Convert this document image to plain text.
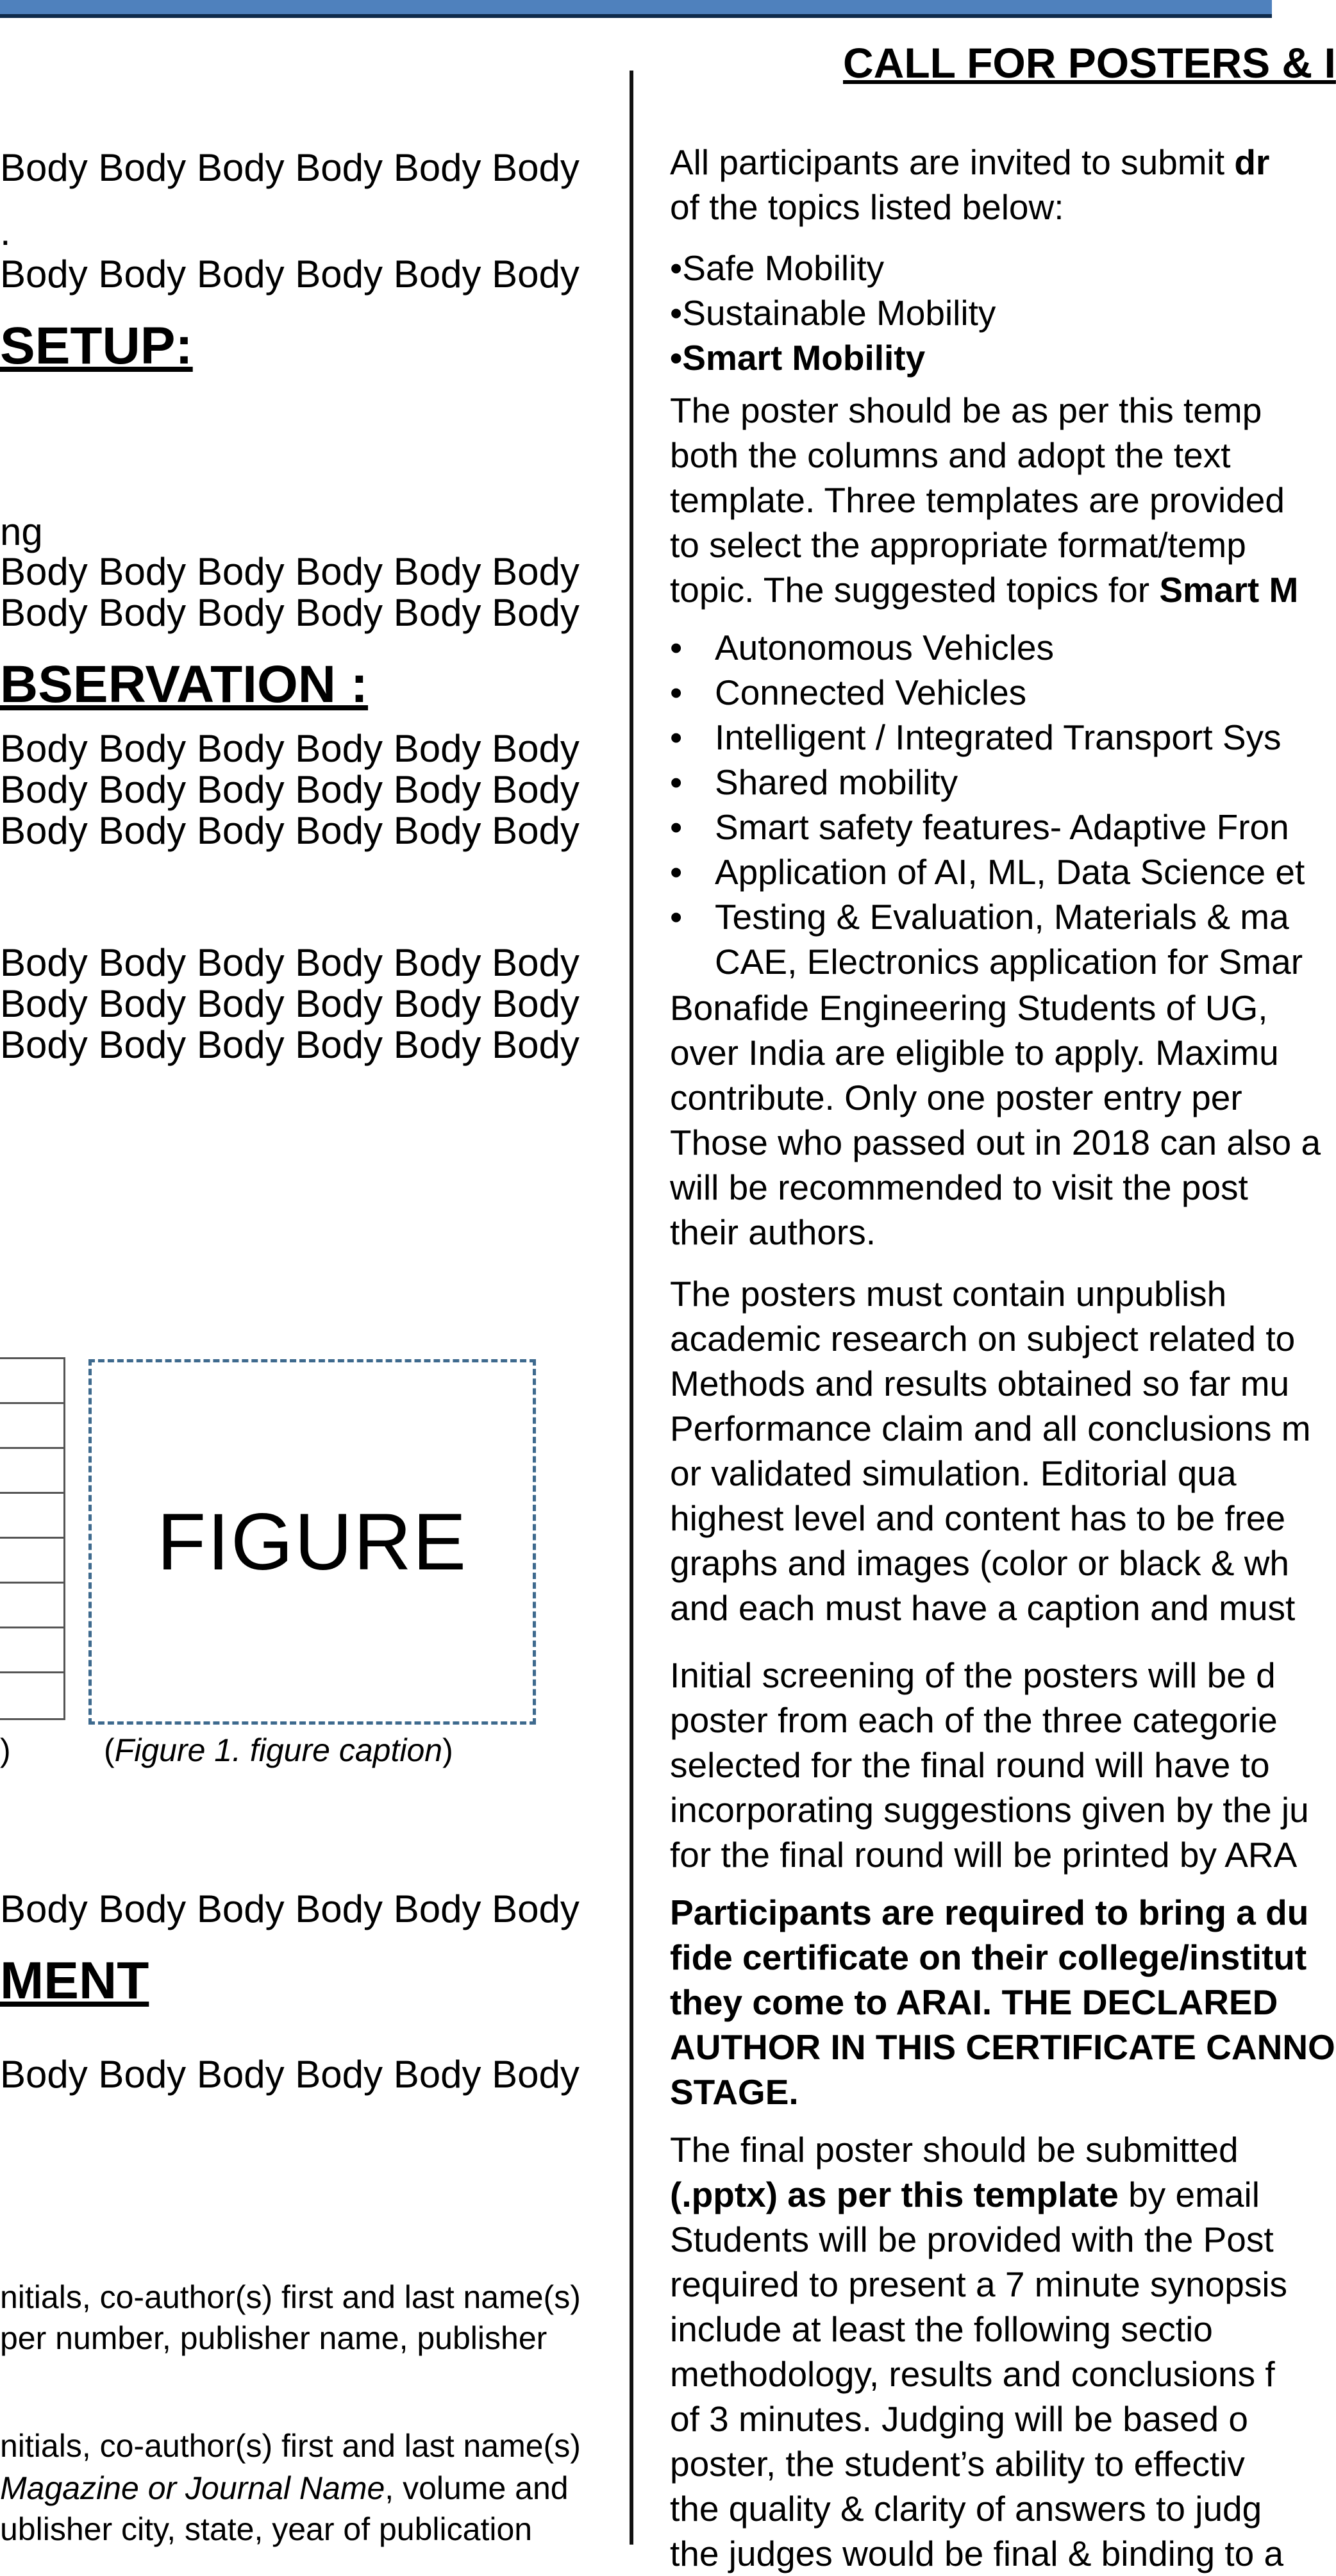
Body Body Body Body Body Body
.
Body Body Body Body Body Body
SETUP:
ng
Body Body Body Body Body Body
Body Body Body Body Body Body
BSERVATION :
Body Body Body Body Body Body
Body Body Body Body Body Body
Body Body Body Body Body Body
Body Body Body Body Body Body
Body Body Body Body Body Body
Body Body Body Body Body Body
FIGURE
)	(Figure 1. figure caption)
Body Body Body Body Body Body
MENT
Body Body Body Body Body Body
nitials, co-author(s) first and last name(s)
per number, publisher name, publisher
nitials, co-author(s) first and last name(s)
Magazine or Journal Name, volume and
ublisher city, state, year of publication
CALL FOR POSTERS & I
All participants are invited to submit dr
of the topics listed below:
•Safe Mobility
•Sustainable Mobility
•Smart Mobility
The poster should be as per this temp
both the columns and adopt the text
template. Three templates are provided
to select the appropriate format/temp
topic. The suggested topics for Smart M
• Autonomous Vehicles
• Connected Vehicles
• Intelligent / Integrated Transport Sys
• Shared mobility
• Smart safety features- Adaptive Fron
• Application of AI, ML, Data Science et
• Testing & Evaluation, Materials & ma
CAE, Electronics application for Smar
Bonafide Engineering Students of UG,
over India are eligible to apply. Maximu
contribute. Only one poster entry per
Those who passed out in 2018 can also a
will be recommended to visit the post
their authors.
The posters must contain unpublish
academic research on subject related to
Methods and results obtained so far mu
Performance claim and all conclusions m
or validated simulation. Editorial qua
highest level and content has to be free
graphs and images (color or black & wh
and each must have a caption and must
Initial screening of the posters will be d
poster from each of the three categorie
selected for the final round will have to
incorporating suggestions given by the ju
for the final round will be printed by ARA
Participants are required to bring a du
fide certificate on their college/institut
they come to ARAI. THE DECLARED
AUTHOR IN THIS CERTIFICATE CANNO
STAGE.
The final poster should be submitted
(.pptx) as per this template by email
Students will be provided with the Post
required to present a 7 minute synopsis
include at least the following sectio
methodology, results and conclusions f
of 3 minutes. Judging will be based o
poster, the student’s ability to effectiv
the quality & clarity of answers to judg
the judges would be final & binding to a
